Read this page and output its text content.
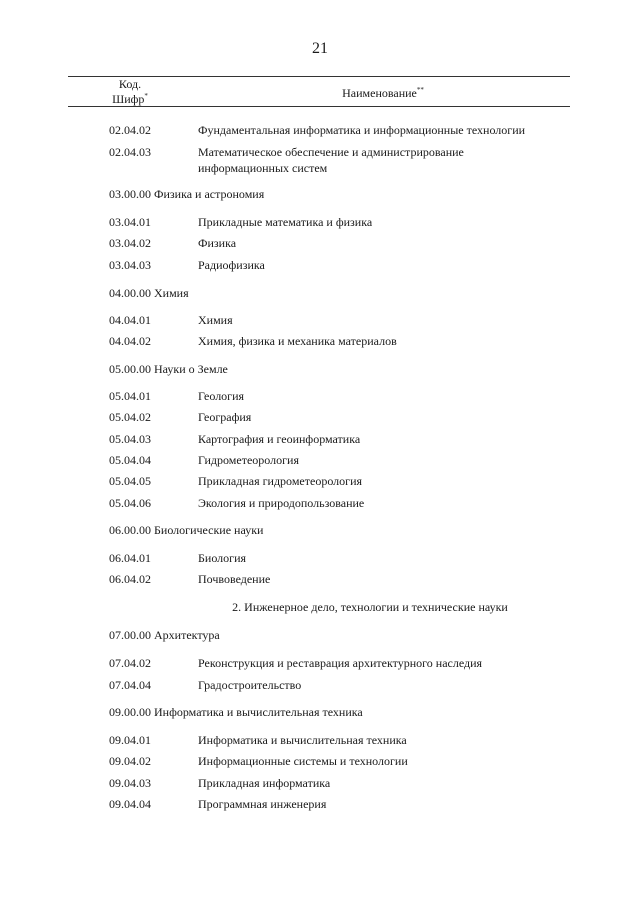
21
Код.
Шифр*	Наименование**
02.04.02	Фундаментальная информатика и информационные технологии
02.04.03	Математическое обеспечение и администрирование информационных систем
03.00.00 Физика и астрономия
03.04.01	Прикладные математика и физика
03.04.02	Физика
03.04.03	Радиофизика
04.00.00 Химия
04.04.01	Химия
04.04.02	Химия, физика и механика материалов
05.00.00 Науки о Земле
05.04.01	Геология
05.04.02	География
05.04.03	Картография и геоинформатика
05.04.04	Гидрометеорология
05.04.05	Прикладная гидрометеорология
05.04.06	Экология и природопользование
06.00.00 Биологические науки
06.04.01	Биология
06.04.02	Почвоведение
2. Инженерное дело, технологии и технические науки
07.00.00 Архитектура
07.04.02	Реконструкция и реставрация архитектурного наследия
07.04.04	Градостроительство
09.00.00 Информатика и вычислительная техника
09.04.01	Информатика и вычислительная техника
09.04.02	Информационные системы и технологии
09.04.03	Прикладная информатика
09.04.04	Программная инженерия
